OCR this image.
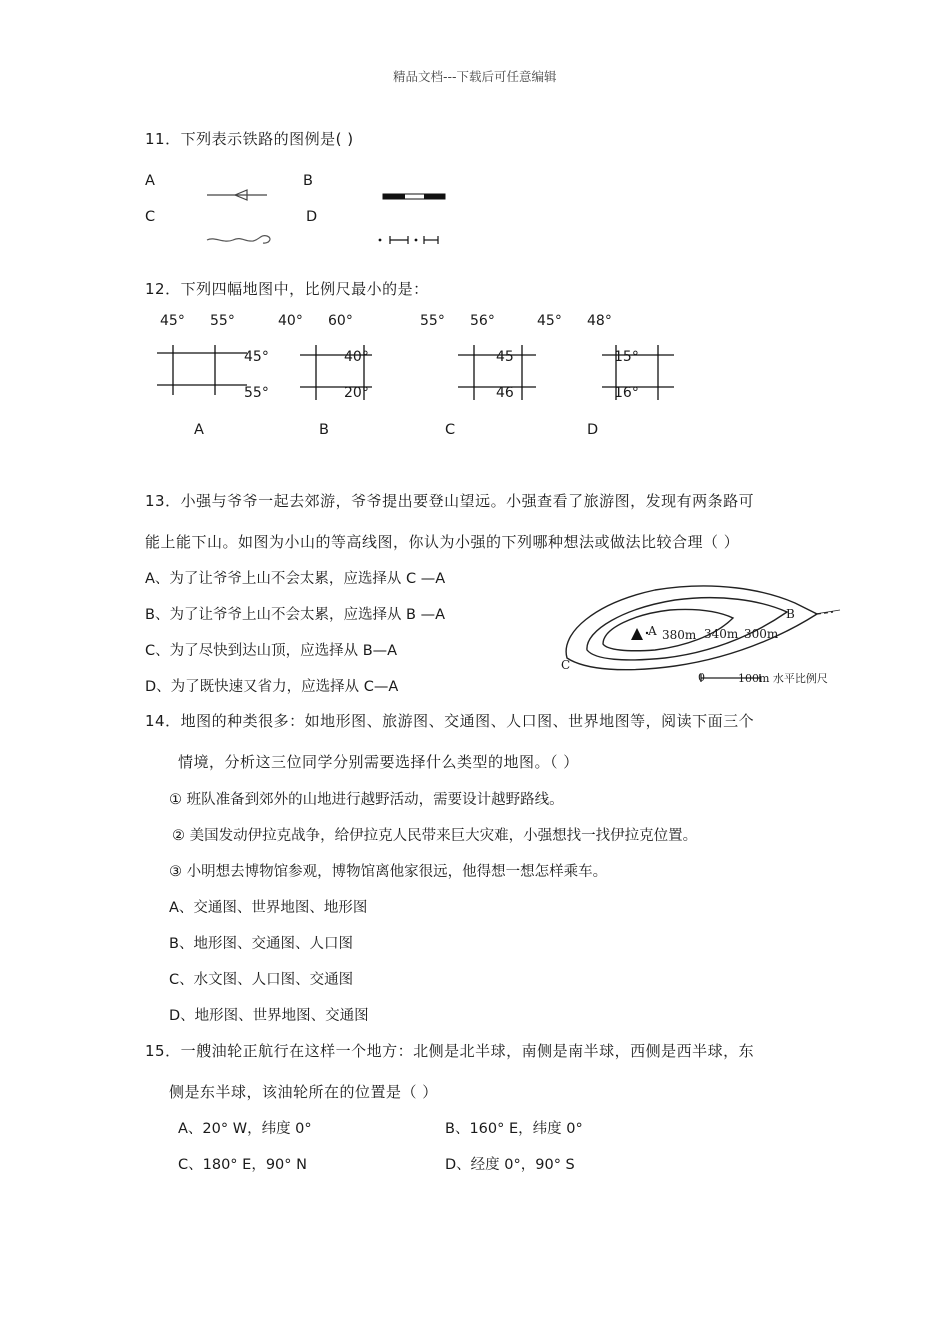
精品文档---下载后可任意编辑
11．下列表示铁路的图例是( )
A	B
C	D
12．下列四幅地图中，比例尺最小的是：
45° 55°
45°
55°
A
40° 60°
40°
20°
B
55° 56°
45
46
C
45° 48°
15°
16°
D
13．小强与爷爷一起去郊游，爷爷提出要登山望远。小强查看了旅游图，发现有两条路可
能上能下山。如图为小山的等高线图，你认为小强的下列哪种想法或做法比较合理（ ）
A、为了让爷爷上山不会太累，应选择从 C —A
B、为了让爷爷上山不会太累，应选择从 B —A
C、为了尽快到达山顶，应选择从 B—A
D、为了既快速又省力，应选择从 C—A
A 380m 340m 300m
B
C
0	100m 水平比例尺
14．地图的种类很多：如地形图、旅游图、交通图、人口图、世界地图等，阅读下面三个
情境，分析这三位同学分别需要选择什么类型的地图。（ ）
① 班队准备到郊外的山地进行越野活动，需要设计越野路线。
② 美国发动伊拉克战争，给伊拉克人民带来巨大灾难，小强想找一找伊拉克位置。
③ 小明想去博物馆参观，博物馆离他家很远，他得想一想怎样乘车。
A、交通图、世界地图、地形图
B、地形图、交通图、人口图
C、水文图、人口图、交通图
D、地形图、世界地图、交通图
15．一艘油轮正航行在这样一个地方：北侧是北半球，南侧是南半球，西侧是西半球，东
侧是东半球，该油轮所在的位置是（ ）
A、20° W，纬度 0°	B、160° E，纬度 0°
C、180° E，90° N	D、经度 0°，90° S
